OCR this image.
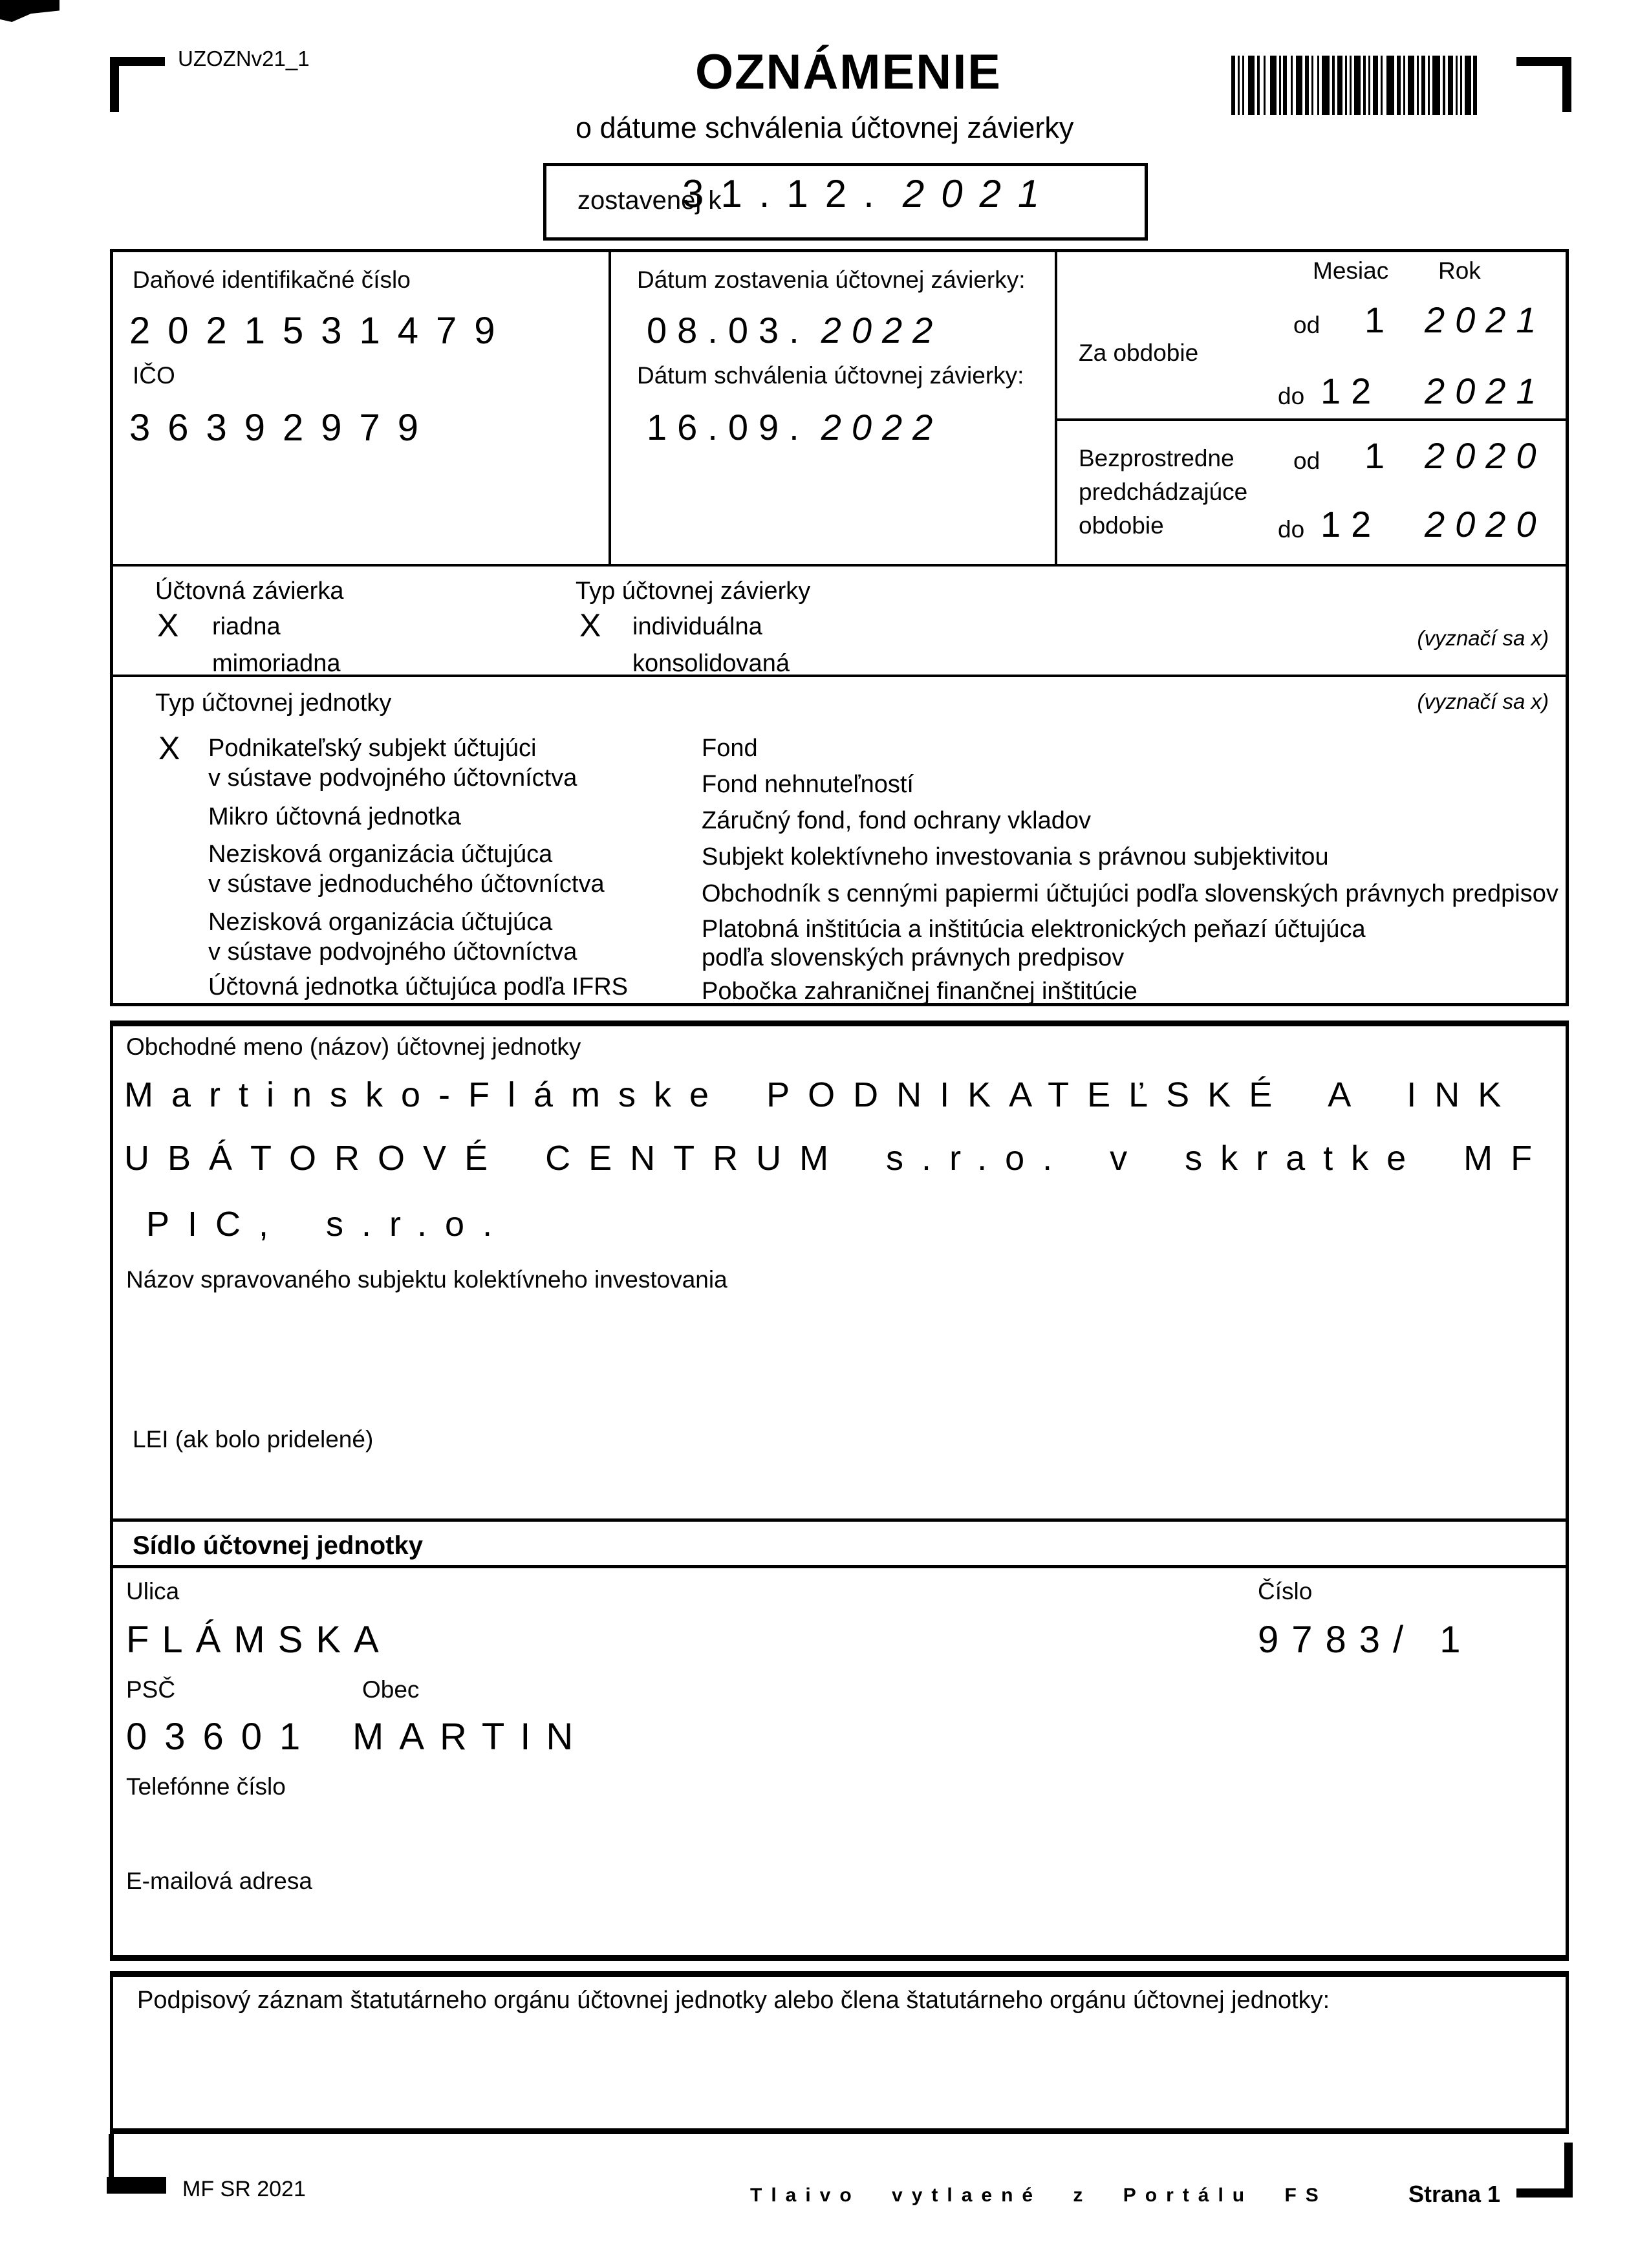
UZOZNv21_1	OZNÁMENIE
o dátume schválenia účtovnej závierky
zostavenej k
31.12. 2021
Daňové identifikačné číslo
2021531479
IČO
36392979
Dátum zostavenia účtovnej závierky:
08.03. 2022
Dátum schválenia účtovnej závierky:
16.09. 2022
Mesiac Rok
od 1 2021
Za obdobie
do 12 2021
Bezprostredne
predchádzajúce
obdobie
od 1 2020
do 12 2020
Účtovná závierka
X riadna
mimoriadna
Typ účtovnej závierky
X individuálna
konsolidovaná
(vyznačí sa x)
Typ účtovnej jednotky	(vyznačí sa x)
X Podnikateľský subjekt účtujúci
v sústave podvojného účtovníctva
Mikro účtovná jednotka
Nezisková organizácia účtujúca
v sústave jednoduchého účtovníctva
Nezisková organizácia účtujúca
v sústave podvojného účtovníctva
Účtovná jednotka účtujúca podľa IFRS
Fond
Fond nehnuteľností
Záručný fond, fond ochrany vkladov
Subjekt kolektívneho investovania s právnou subjektivitou
Obchodník s cennými papiermi účtujúci podľa slovenských právnych predpisov
Platobná inštitúcia a inštitúcia elektronických peňazí účtujúca
podľa slovenských právnych predpisov
Pobočka zahraničnej finančnej inštitúcie
Obchodné meno (názov) účtovnej jednotky
Martinsko-Flámske PODNIKATEĽSKÉ A INK
UBÁTOROVÉ CENTRUM s.r.o. v skratke MF
PIC, s.r.o.
Názov spravovaného subjektu kolektívneho investovania
LEI (ak bolo pridelené)
Sídlo účtovnej jednotky
Ulica	Číslo
FLÁMSKA	9783/ 1
PSČ	Obec
03601 MARTIN
Telefónne číslo
E-mailová adresa
Podpisový záznam štatutárneho orgánu účtovnej jednotky alebo člena štatutárneho orgánu účtovnej jednotky:
MF SR 2021	Tlaivo vytlaené z Portálu FS	Strana 1
